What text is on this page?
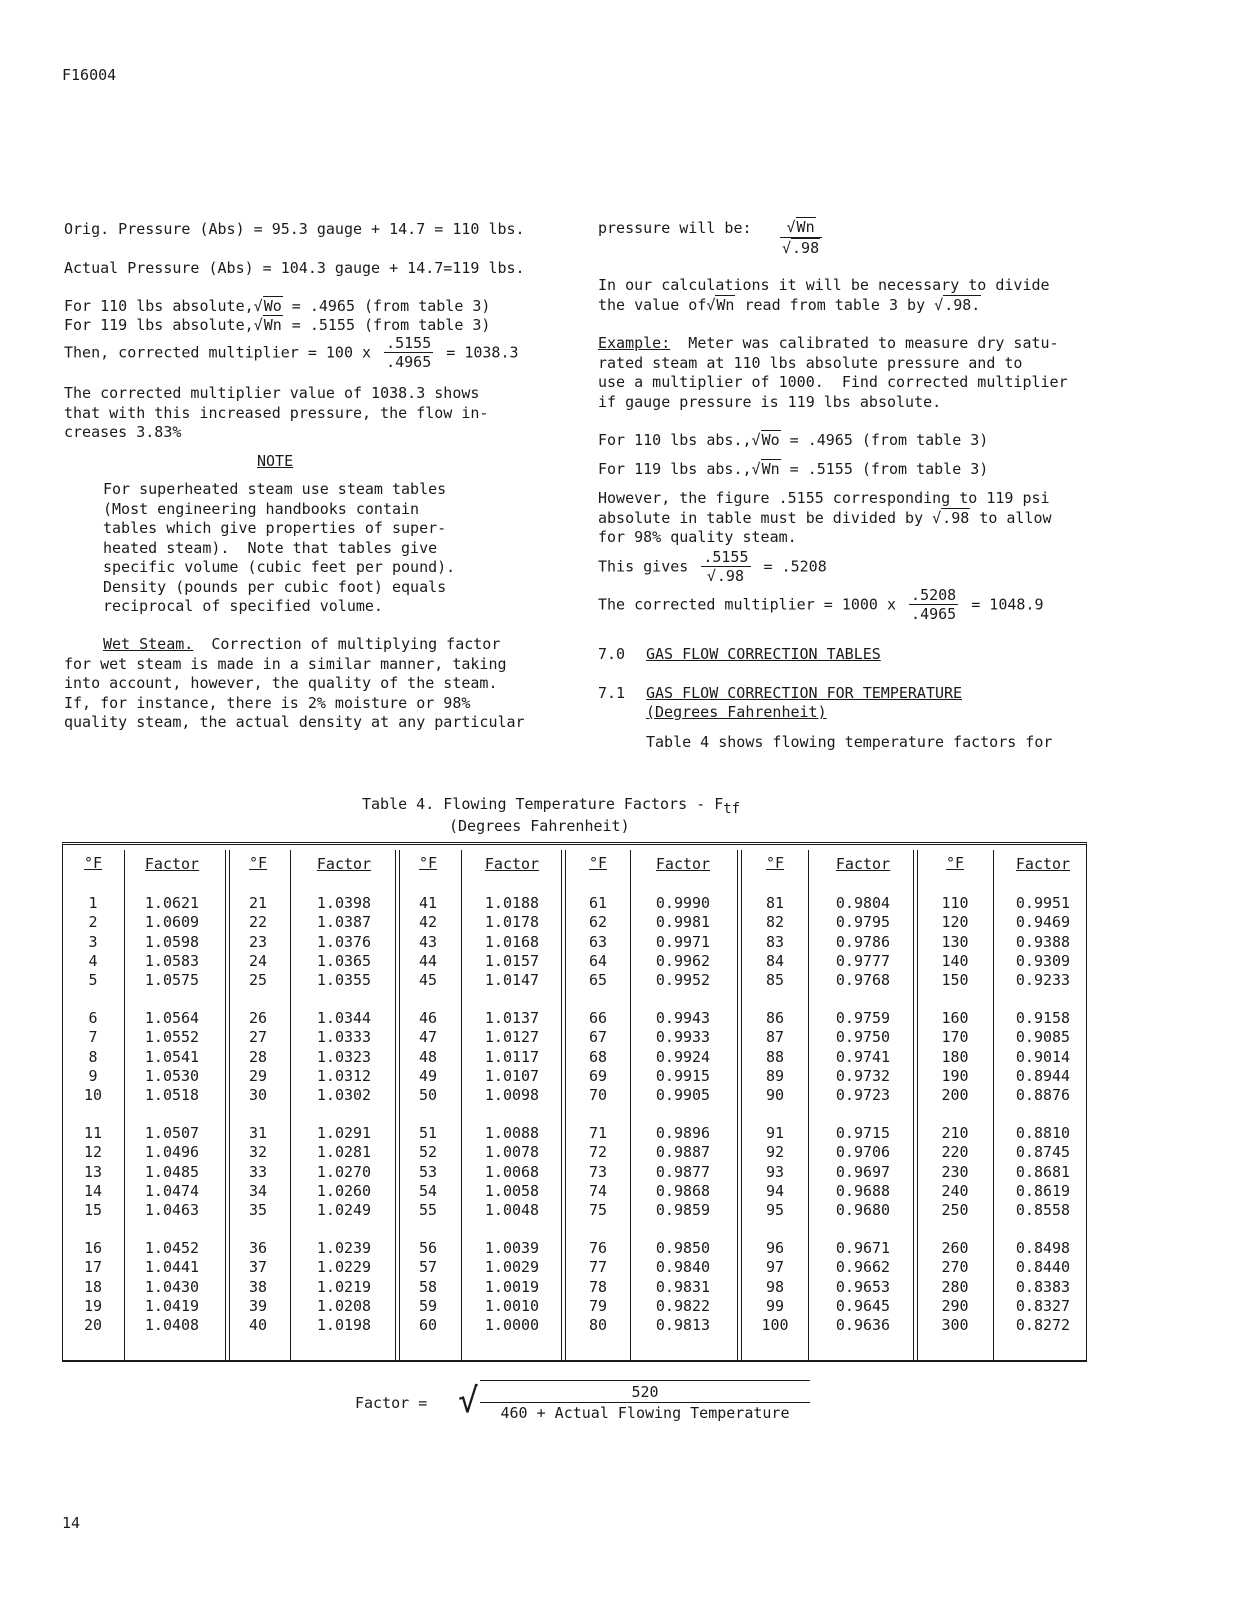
F16004
Orig. Pressure (Abs) = 95.3 gauge + 14.7 = 110 lbs.
Actual Pressure (Abs) = 104.3 gauge + 14.7=119 lbs.
For 110 lbs absolute,√Wo = .4965 (from table 3)
For 119 lbs absolute,√Wn = .5155 (from table 3)
Then, corrected multiplier = 100 x $\frac{.5155}{.4965} = 1038.3$
The corrected multiplier value of 1038.3 shows
that with this increased pressure, the flow in-
creases 3.83%
NOTE
For superheated steam use steam tables
(Most engineering handbooks contain
tables which give properties of super-
heated steam).  Note that tables give
specific volume (cubic feet per pound).
Density (pounds per cubic foot) equals
reciprocal of specified volume.
Wet Steam.  Correction of multiplying factor
for wet steam is made in a similar manner, taking
into account, however, the quality of the steam.
If, for instance, there is 2% moisture or 98%
quality steam, the actual density at any particular
pressure will be:	√Wn
√.98
In our calculations it will be necessary to divide
the value of√Wn read from table 3 by √.98.
Example:  Meter was calibrated to measure dry satu-
rated steam at 110 lbs absolute pressure and to
use a multiplier of 1000.  Find corrected multiplier
if gauge pressure is 119 lbs absolute.
For 110 lbs abs.,√Wo = .4965 (from table 3)
For 119 lbs abs.,√Wn = .5155 (from table 3)
However, the figure .5155 corresponding to 119 psi
absolute in table must be divided by √.98 to allow
for 98% quality steam.
This gives $\frac{.5155}{√.98} = .5208$
The corrected multiplier = 1000 x $\frac{.5208}{.4965} = 1048.9$
7.0 GAS FLOW CORRECTION TABLES
7.1 GAS FLOW CORRECTION FOR TEMPERATURE
(Degrees Fahrenheit)
Table 4 shows flowing temperature factors for
Table 4. Flowing Temperature Factors - $F_{tf}$
(Degrees Fahrenheit)
°F	Factor
1	1.0621
2	1.0609
3	1.0598
4	1.0583
5	1.0575
6	1.0564
7	1.0552
8	1.0541
9	1.0530
10	1.0518
11	1.0507
12	1.0496
13	1.0485
14	1.0474
15	1.0463
16	1.0452
17	1.0441
18	1.0430
19	1.0419
20	1.0408
°F	Factor
21	1.0398
22	1.0387
23	1.0376
24	1.0365
25	1.0355
26	1.0344
27	1.0333
28	1.0323
29	1.0312
30	1.0302
31	1.0291
32	1.0281
33	1.0270
34	1.0260
35	1.0249
36	1.0239
37	1.0229
38	1.0219
39	1.0208
40	1.0198
°F	Factor
41	1.0188
42	1.0178
43	1.0168
44	1.0157
45	1.0147
46	1.0137
47	1.0127
48	1.0117
49	1.0107
50	1.0098
51	1.0088
52	1.0078
53	1.0068
54	1.0058
55	1.0048
56	1.0039
57	1.0029
58	1.0019
59	1.0010
60	1.0000
°F	Factor
61	0.9990
62	0.9981
63	0.9971
64	0.9962
65	0.9952
66	0.9943
67	0.9933
68	0.9924
69	0.9915
70	0.9905
71	0.9896
72	0.9887
73	0.9877
74	0.9868
75	0.9859
76	0.9850
77	0.9840
78	0.9831
79	0.9822
80	0.9813
°F	Factor
81	0.9804
82	0.9795
83	0.9786
84	0.9777
85	0.9768
86	0.9759
87	0.9750
88	0.9741
89	0.9732
90	0.9723
91	0.9715
92	0.9706
93	0.9697
94	0.9688
95	0.9680
96	0.9671
97	0.9662
98	0.9653
99	0.9645
100	0.9636
°F	Factor
110	0.9951
120	0.9469
130	0.9388
140	0.9309
150	0.9233
160	0.9158
170	0.9085
180	0.9014
190	0.8944
200	0.8876
210	0.8810
220	0.8745
230	0.8681
240	0.8619
250	0.8558
260	0.8498
270	0.8440
280	0.8383
290	0.8327
300	0.8272
Factor = √	520
460 + Actual Flowing Temperature
14
